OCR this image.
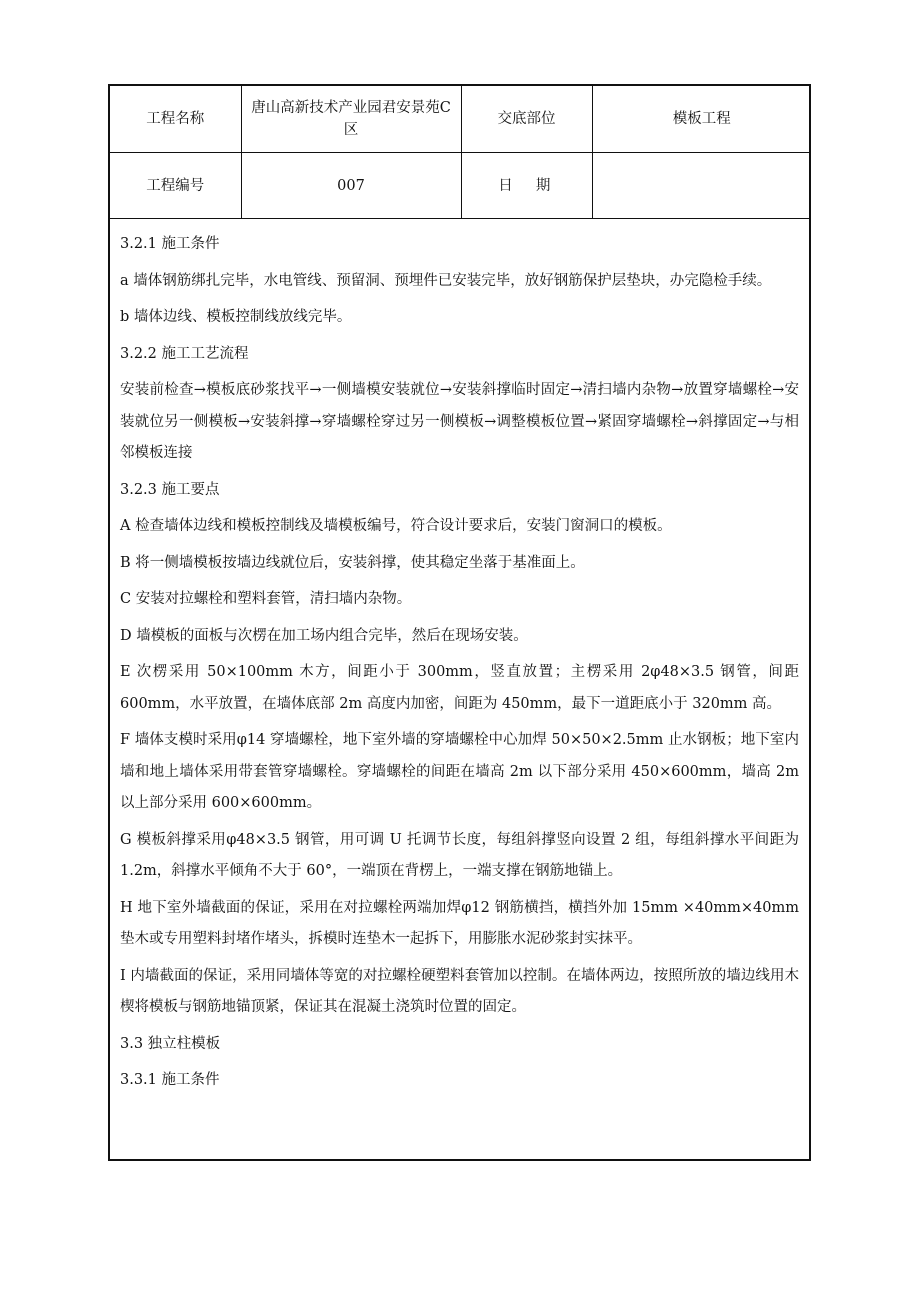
工程名称	唐山高新技术产业园君安景苑C区	交底部位	模板工程
工程编号	007	日　期	

3.2.1 施工条件

a 墙体钢筋绑扎完毕，水电管线、预留洞、预埋件已安装完毕，放好钢筋保护层垫块，办完隐检手续。

b 墙体边线、模板控制线放线完毕。

3.2.2 施工工艺流程

安装前检查→模板底砂浆找平→一侧墙模安装就位→安装斜撑临时固定→清扫墙内杂物→放置穿墙螺栓→安装就位另一侧模板→安装斜撑→穿墙螺栓穿过另一侧模板→调整模板位置→紧固穿墙螺栓→斜撑固定→与相邻模板连接

3.2.3 施工要点

A 检查墙体边线和模板控制线及墙模板编号，符合设计要求后，安装门窗洞口的模板。

B 将一侧墙模板按墙边线就位后，安装斜撑，使其稳定坐落于基准面上。

C 安装对拉螺栓和塑料套管，清扫墙内杂物。

D 墙模板的面板与次楞在加工场内组合完毕，然后在现场安装。

E 次楞采用 50×100mm 木方，间距小于 300mm，竖直放置；主楞采用 2φ48×3.5 钢管，间距 600mm，水平放置，在墙体底部 2m 高度内加密，间距为 450mm，最下一道距底小于 320mm 高。

F 墙体支模时采用φ14 穿墙螺栓，地下室外墙的穿墙螺栓中心加焊 50×50×2.5mm 止水钢板；地下室内墙和地上墙体采用带套管穿墙螺栓。穿墙螺栓的间距在墙高 2m 以下部分采用 450×600mm，墙高 2m 以上部分采用 600×600mm。

G 模板斜撑采用φ48×3.5 钢管，用可调 U 托调节长度，每组斜撑竖向设置 2 组，每组斜撑水平间距为 1.2m，斜撑水平倾角不大于 60°，一端顶在背楞上，一端支撑在钢筋地锚上。

H 地下室外墙截面的保证，采用在对拉螺栓两端加焊φ12 钢筋横挡，横挡外加 15mm ×40mm×40mm 垫木或专用塑料封堵作堵头，拆模时连垫木一起拆下，用膨胀水泥砂浆封实抹平。

I 内墙截面的保证，采用同墙体等宽的对拉螺栓硬塑料套管加以控制。在墙体两边，按照所放的墙边线用木楔将模板与钢筋地锚顶紧，保证其在混凝土浇筑时位置的固定。

3.3 独立柱模板

3.3.1 施工条件
